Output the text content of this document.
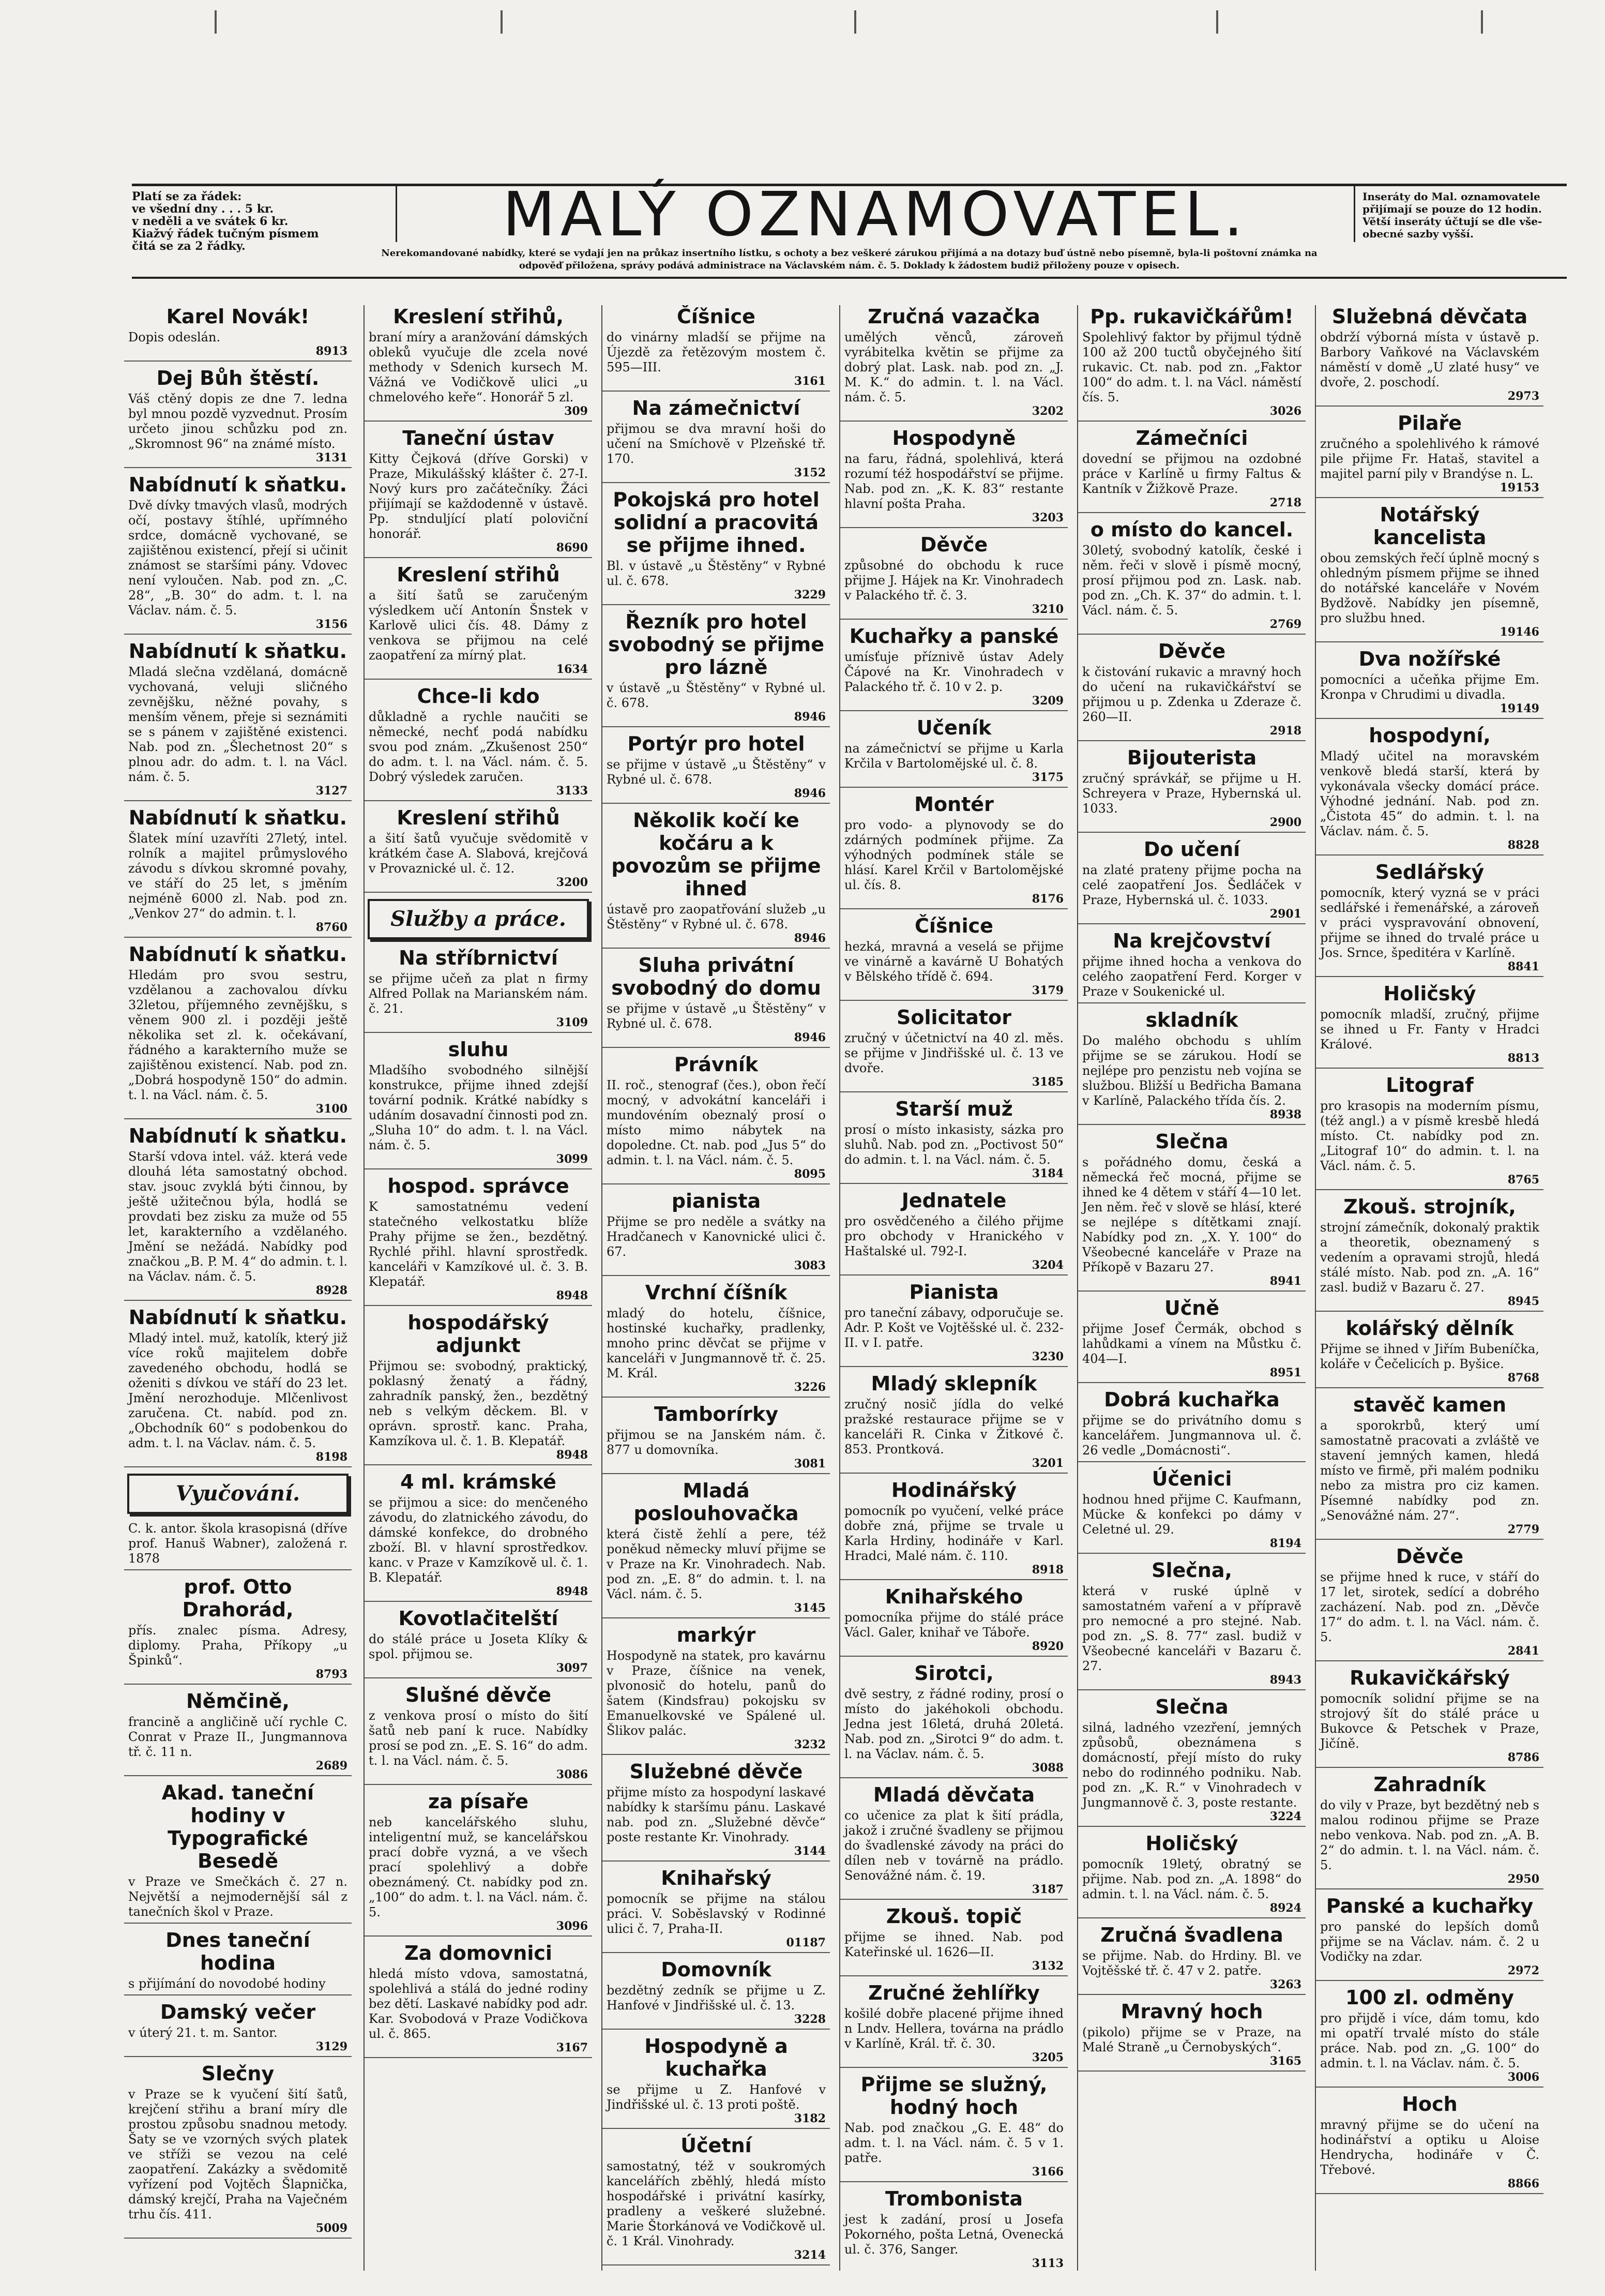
Platí se za řádek:
ve všední dny . . . 5 kr.
v neděli a ve svátek 6 kr.
Kiažvý řádek tučným písmem
čitá se za 2 řádky.	MALÝ OZNAMOVATEL.	Inseráty do Mal. oznamovatele
přijímají se pouze do 12 hodin.
Větší inseráty účtují se dle vše-
obecné sazby vyšší.
Nerekomandované nabídky, které se vydají jen na průkaz insertního lístku, s ochoty a bez veškeré zárukou přijímá a na dotazy buď ústně nebo písemně, byla-li poštovní známka na
odpověď přiložena, správy podává administrace na Václavském nám. č. 5. Doklady k žádostem budiž přiloženy pouze v opisech.
Karel Novák!

Dopis odeslán.

8913
Dej Bůh štěstí.

Váš ctěný dopis ze dne 7. ledna byl mnou pozdě vyzvednut. Prosím určeto jinou schůzku pod zn. „Skromnost 96“ na známé místo.

3131
Nabídnutí k sňatku.

Dvě dívky tmavých vlasů, modrých očí, postavy štíhlé, upřímného srdce, domácně vychované, se zajištěnou existencí, přejí si učinit známost se staršími pány. Vdovec není vyloučen. Nab. pod zn. „C. 28“, „B. 30“ do adm. t. l. na Václav. nám. č. 5.

3156
Nabídnutí k sňatku.

Mladá slečna vzdělaná, domácně vychovaná, veluji sličného zevnějšku, něžné povahy, s menším věnem, přeje si seznámiti se s pánem v zajištěné existenci. Nab. pod zn. „Šlechetnost 20“ s plnou adr. do adm. t. l. na Václ. nám. č. 5.

3127
Nabídnutí k sňatku.

Šlatek míní uzavříti 27letý, intel. rolník a majitel průmyslového závodu s dívkou skromné povahy, ve stáří do 25 let, s jměním nejméně 6000 zl. Nab. pod zn. „Venkov 27“ do admin. t. l.

8760
Nabídnutí k sňatku.

Hledám pro svou sestru, vzdělanou a zachovalou dívku 32letou, příjemného zevnějšku, s věnem 900 zl. i později ještě několika set zl. k. očekávaní, řádného a karakterního muže se zajištěnou existencí. Nab. pod zn. „Dobrá hospodyně 150“ do admin. t. l. na Václ. nám. č. 5.

3100
Nabídnutí k sňatku.

Starší vdova intel. váž. která vede dlouhá léta samostatný obchod. stav. jsouc zvyklá býti činnou, by ještě užitečnou býla, hodlá se provdati bez zisku za muže od 55 let, karakterního a vzdělaného. Jmění se nežádá. Nabídky pod značkou „B. P. M. 4“ do admin. t. l. na Václav. nám. č. 5.

8928
Nabídnutí k sňatku.

Mladý intel. muž, katolík, který již více roků majitelem dobře zavedeného obchodu, hodlá se oženiti s dívkou ve stáří do 23 let. Jmění nerozhoduje. Mlčenlivost zaručena. Ct. nabíd. pod zn. „Obchodník 60“ s podobenkou do adm. t. l. na Václav. nám. č. 5.

8198
Vyučování.

C. k. antor. škola krasopisná (dříve prof. Hanuš Wabner), založená r. 1878

prof. Otto Drahorád,

přís. znalec písma. Adresy, diplomy. Praha, Příkopy „u Špinků“.

8793
Němčině,

francině a angličině učí rychle C. Conrat v Praze II., Jungmannova tř. č. 11 n.

2689
Akad. taneční hodiny v Typografické Besedě

v Praze ve Smečkách č. 27 n. Největší a nejmodernější sál z tanečních škol v Praze.

Dnes taneční hodina

s přijímání do novodobé hodiny

Damský večer

v úterý 21. t. m. Santor.

3129
Slečny

v Praze se k vyučení šití šatů, krejčení střihu a braní míry dle prostou způsobu snadnou metody. Šaty se ve vzorných svých platek ve stříži se vezou na celé zaopatření. Zakázky a svědomitě vyřízení pod Vojtěch Šlapnička, dámský krejčí, Praha na Vaječném trhu čís. 411.

5009
Kreslení střihů,

braní míry a aranžování dámských obleků vyučuje dle zcela nové methody v Sdenich kursech M. Vážná ve Vodičkově ulici „u chmelového keře“. Honorář 5 zl.

309
Taneční ústav

Kitty Čejková (dříve Gorski) v Praze, Mikulášský klášter č. 27-I. Nový kurs pro začátečníky. Žáci přijímají se každodenně v ústavě. Pp. stnduljící platí poloviční honorář.

8690
Kreslení střihů

a šití šatů se zaručeným výsledkem učí Antonín Šnstek v Karlově ulici čís. 48. Dámy z venkova se přijmou na celé zaopatření za mírný plat.

1634
Chce-li kdo

důkladně a rychle naučiti se německé, nechť podá nabídku svou pod znám. „Zkušenost 250“ do adm. t. l. na Václ. nám. č. 5. Dobrý výsledek zaručen.

3133
Kreslení střihů

a šití šatů vyučuje svědomitě v krátkém čase A. Slabová, krejčová v Provaznické ul. č. 12.

3200
Služby a práce.
Na stříbrnictví

se přijme učeň za plat n firmy Alfred Pollak na Marianském nám. č. 21.

3109
sluhu

Mladšího svobodného silnější konstrukce, přijme ihned zdejší tovární podnik. Krátké nabídky s udáním dosavadní činnosti pod zn. „Sluha 10“ do adm. t. l. na Václ. nám. č. 5.

3099
hospod. správce

K samostatnému vedení statečného velkostatku blíže Prahy přijme se žen., bezdětný. Rychlé přihl. hlavní sprostředk. kanceláři v Kamzíkové ul. č. 3. B. Klepatář.

8948
hospodářský adjunkt

Přijmou se: svobodný, praktický, poklasný ženatý a řádný, zahradník panský, žen., bezdětný neb s velkým děckem. Bl. v oprávn. sprostř. kanc. Praha, Kamzíkova ul. č. 1. B. Klepatář.

8948
4 ml. krámské

se přijmou a sice: do menčeného závodu, do zlatnického závodu, do dámské konfekce, do drobného zboží. Bl. v hlavní sprostředkov. kanc. v Praze v Kamzíkově ul. č. 1. B. Klepatář.

8948
Kovotlačitelští

do stálé práce u Joseta Klíky & spol. přijmou se.

3097
Slušné děvče

z venkova prosí o místo do šití šatů neb paní k ruce. Nabídky prosí se pod zn. „E. S. 16“ do adm. t. l. na Václ. nám. č. 5.

3086
za písaře

neb kancelářského sluhu, inteligentní muž, se kancelářskou prací dobře vyzná, a ve všech prací spolehlivý a dobře obeznámený. Ct. nabídky pod zn. „100“ do adm. t. l. na Václ. nám. č. 5.

3096
Za domovnici

hledá místo vdova, samostatná, spolehlivá a stálá do jedné rodiny bez dětí. Laskavé nabídky pod adr. Kar. Svobodová v Praze Vodičkova ul. č. 865.

3167
Číšnice

do vinárny mladší se přijme na Újezdě za řetězovým mostem č. 595—III.

3161
Na zámečnictví

přijmou se dva mravní hoši do učení na Smíchově v Plzeňské tř. 170.

3152
Pokojská pro hotel solidní a pracovitá se přijme ihned.

Bl. v ústavě „u Štěstěny“ v Rybné ul. č. 678.

3229
Řezník pro hotel svobodný se přijme pro lázně

v ústavě „u Štěstěny“ v Rybné ul. č. 678.

8946
Portýr pro hotel

se přijme v ústavě „u Štěstěny“ v Rybné ul. č. 678.

8946
Několik kočí ke kočáru a k povozům se přijme ihned

ústavě pro zaopatřování služeb „u Štěstěny“ v Rybné ul. č. 678.

8946
Sluha privátní svobodný do domu

se přijme v ústavě „u Štěstěny“ v Rybné ul. č. 678.

8946
Právník

II. roč., stenograf (čes.), obon řečí mocný, v advokátní kanceláři i mundovéním obeznalý prosí o místo mimo nábytek na dopoledne. Ct. nab. pod „Jus 5“ do admin. t. l. na Václ. nám. č. 5.

8095
pianista

Přijme se pro neděle a svátky na Hradčanech v Kanovnické ulici č. 67.

3083
Vrchní číšník

mladý do hotelu, číšnice, hostinské kuchařky, pradlenky, mnoho princ děvčat se přijme v kanceláři v Jungmannově tř. č. 25. M. Král.

3226
Tamborírky

přijmou se na Janském nám. č. 877 u domovníka.

3081
Mladá poslouhovačka

která čistě žehlí a pere, též poněkud německy mluví přijme se v Praze na Kr. Vinohradech. Nab. pod zn. „E. 8“ do admin. t. l. na Václ. nám. č. 5.

3145
markýr

Hospodyně na statek, pro kavárnu v Praze, číšnice na venek, plvonosič do hotelu, panů do šatem (Kindsfrau) pokojsku sv Emanuelkovské ve Spálené ul. Šlikov palác.

3232
Služebné děvče

přijme místo za hospodyní laskavé nabídky k staršímu pánu. Laskavé nab. pod zn. „Služebné děvče“ poste restante Kr. Vinohrady.

3144
Knihařský

pomocník se přijme na stálou práci. V. Soběslavský v Rodinné ulici č. 7, Praha-II.

01187
Domovník

bezdětný zedník se přijme u Z. Hanfové v Jindřišské ul. č. 13.

3228
Hospodyně a kuchařka

se přijme u Z. Hanfové v Jindřišské ul. č. 13 proti poště.

3182
Účetní

samostatný, též v soukromých kancelářích zběhlý, hledá místo hospodářské i privátní kasírky, pradleny a veškeré služebné. Marie Štorkánová ve Vodičkově ul. č. 1 Král. Vinohrady.

3214
Zručná vazačka

umělých věnců, zároveň vyrábitelka květin se přijme za dobrý plat. Lask. nab. pod zn. „J. M. K.“ do admin. t. l. na Václ. nám. č. 5.

3202
Hospodyně

na faru, řádná, spolehlivá, která rozumí též hospodářství se přijme. Nab. pod zn. „K. K. 83“ restante hlavní pošta Praha.

3203
Děvče

způsobné do obchodu k ruce přijme J. Hájek na Kr. Vinohradech v Palackého tř. č. 3.

3210
Kuchařky a panské

umísťuje příznivě ústav Adely Čápové na Kr. Vinohradech v Palackého tř. č. 10 v 2. p.

3209
Učeník

na zámečnictví se přijme u Karla Krčila v Bartolomějské ul. č. 8.

3175
Montér

pro vodo- a plynovody se do zdárných podmínek přijme. Za výhodných podmínek stále se hlásí. Karel Krčil v Bartolomějské ul. čís. 8.

8176
Číšnice

hezká, mravná a veselá se přijme ve vinárně a kavárně U Bohatých v Bělského třídě č. 694.

3179
Solicitator

zručný v účetnictví na 40 zl. měs. se přijme v Jindřišské ul. č. 13 ve dvoře.

3185
Starší muž

prosí o místo inkasisty, sázka pro sluhů. Nab. pod zn. „Poctivost 50“ do admin. t. l. na Václ. nám. č. 5.

3184
Jednatele

pro osvědčeného a čilého přijme pro obchody v Hranického v Haštalské ul. 792-I.

3204
Pianista

pro taneční zábavy, odporučuje se. Adr. P. Košt ve Vojtěšské ul. č. 232-II. v I. patře.

3230
Mladý sklepník

zručný nosič jídla do velké pražské restaurace přijme se v kanceláři R. Cinka v Žitkové č. 853. Prontková.

3201
Hodinářský

pomocník po vyučení, velké práce dobře zná, přijme se trvale u Karla Hrdiny, hodináře v Karl. Hradci, Malé nám. č. 110.

8918
Knihařského

pomocníka přijme do stálé práce Václ. Galer, knihař ve Táboře.

8920
Sirotci,

dvě sestry, z řádné rodiny, prosí o místo do jakéhokoli obchodu. Jedna jest 16letá, druhá 20letá. Nab. pod zn. „Sirotci 9“ do adm. t. l. na Václav. nám. č. 5.

3088
Mladá děvčata

co učenice za plat k šití prádla, jakož i zručné švadleny se přijmou do švadlenské závody na práci do dílen neb v továrně na prádlo. Senovážné nám. č. 19.

3187
Zkouš. topič

přijme se ihned. Nab. pod Kateřinské ul. 1626—II.

3132
Zručné žehlířky

košilé dobře placené přijme ihned n Lndv. Hellera, továrna na prádlo v Karlíně, Král. tř. č. 30.

3205
Přijme se služný, hodný hoch

Nab. pod značkou „G. E. 48“ do adm. t. l. na Václ. nám. č. 5 v 1. patře.

3166
Trombonista

jest k zadání, prosí u Josefa Pokorného, pošta Letná, Ovenecká ul. č. 376, Sanger.

3113
Pp. rukavičkářům!

Spolehlivý faktor by přijmul týdně 100 až 200 tuctů obyčejného šití rukavic. Ct. nab. pod zn. „Faktor 100“ do adm. t. l. na Václ. náměstí čís. 5.

3026
Zámečníci

dovední se přijmou na ozdobné práce v Karlíně u firmy Faltus & Kantník v Žižkově Praze.

2718
o místo do kancel.

30letý, svobodný katolík, české i něm. řeči v slově i písmě mocný, prosí přijmou pod zn. Lask. nab. pod zn. „Ch. K. 37“ do admin. t. l. Václ. nám. č. 5.

2769
Děvče

k čistování rukavic a mravný hoch do učení na rukavičkářství se přijmou u p. Zdenka u Zderaze č. 260—II.

2918
Bijouterista

zručný správkář, se přijme u H. Schreyera v Praze, Hybernská ul. 1033.

2900
Do učení

na zlaté prateny přijme pocha na celé zaopatření Jos. Šedláček v Praze, Hybernská ul. č. 1033.

2901
Na krejčovství

přijme ihned hocha a venkova do celého zaopatření Ferd. Korger v Praze v Soukenické ul.

skladník

Do malého obchodu s uhlím přijme se se zárukou. Hodí se nejlépe pro penzistu neb vojína se službou. Bližší u Bedřicha Bamana v Karlíně, Palackého třída čís. 2.

8938
Slečna

s pořádného domu, česká a německá řeč mocná, přijme se ihned ke 4 dětem v stáří 4—10 let. Jen něm. řeč v slově se hlásí, které se nejlépe s dítětkami znají. Nabídky pod zn. „X. Y. 100“ do Všeobecné kanceláře v Praze na Příkopě v Bazaru 27.

8941
Učně

přijme Josef Čermák, obchod s lahůdkami a vínem na Můstku č. 404—I.

8951
Dobrá kuchařka

přijme se do privátního domu s kancelářem. Jungmannova ul. č. 26 vedle „Domácnosti“.

Účenici

hodnou hned přijme C. Kaufmann, Mücke & konfekci po dámy v Celetné ul. 29.

8194
Slečna,

která v ruské úplně v samostatném vaření a v přípravě pro nemocné a pro stejné. Nab. pod zn. „S. 8. 77“ zasl. budiž v Všeobecné kanceláři v Bazaru č. 27.

8943
Slečna

silná, ladného vzezření, jemných způsobů, obeznámena s domácností, přejí místo do ruky nebo do rodinného podniku. Nab. pod zn. „K. R.“ v Vinohradech v Jungmannově č. 3, poste restante.

3224
Holičský

pomocník 19letý, obratný se přijme. Nab. pod zn. „A. 1898“ do admin. t. l. na Václ. nám. č. 5.

8924
Zručná švadlena

se přijme. Nab. do Hrdiny. Bl. ve Vojtěšské tř. č. 47 v 2. patře.

3263
Mravný hoch

(pikolo) přijme se v Praze, na Malé Straně „u Černobyských“.

3165
Služebná děvčata

obdrží výborná místa v ústavě p. Barbory Vaňkové na Václavském náměstí v domě „U zlaté husy“ ve dvoře, 2. poschodí.

2973
Pilaře

zručného a spolehlivého k rámové pile přijme Fr. Hataš, stavitel a majitel parní pily v Brandýse n. L.

19153
Notářský kancelista

obou zemských řečí úplně mocný s ohledným písmem přijme se ihned do notářské kanceláře v Novém Bydžově. Nabídky jen písemně, pro službu hned.

19146
Dva nožířské

pomocníci a učeňka přijme Em. Kronpa v Chrudimi u divadla.

19149
hospodyní,

Mladý učitel na moravském venkově bledá starší, která by vykonávala všecky domácí práce. Výhodné jednání. Nab. pod zn. „Čistota 45“ do admin. t. l. na Václav. nám. č. 5.

8828
Sedlářský

pomocník, který vyzná se v práci sedlářské i řemenářské, a zároveň v práci vyspravování obnovení, přijme se ihned do trvalé práce u Jos. Srnce, špeditéra v Karlíně.

8841
Holičský

pomocník mladší, zručný, přijme se ihned u Fr. Fanty v Hradci Králové.

8813
Litograf

pro krasopis na moderním písmu, (též angl.) a v písmě kresbě hledá místo. Ct. nabídky pod zn. „Litograf 10“ do admin. t. l. na Václ. nám. č. 5.

8765
Zkouš. strojník,

strojní zámečník, dokonalý praktik a theoretik, obeznamený s vedením a opravami strojů, hledá stálé místo. Nab. pod zn. „A. 16“ zasl. budiž v Bazaru č. 27.

8945
kolářský dělník

Přijme se ihned v Jiřím Bubeníčka, koláře v Čečelicích p. Byšice.

8768
stavěč kamen

a sporokrbů, který umí samostatně pracovati a zvláště ve stavení jemných kamen, hledá místo ve firmě, při malém podniku nebo za mistra pro ciz kamen. Písemné nabídky pod zn. „Senovážné nám. 27“.

2779
Děvče

se přijme hned k ruce, v stáří do 17 let, sirotek, sedící a dobrého zacházení. Nab. pod zn. „Děvče 17“ do adm. t. l. na Václ. nám. č. 5.

2841
Rukavičkářský

pomocník solidní přijme se na strojový šít do stálé práce u Bukovce & Petschek v Praze, Jičíně.

8786
Zahradník

do vily v Praze, byt bezdětný neb s malou rodinou přijme se Praze nebo venkova. Nab. pod zn. „A. B. 2“ do admin. t. l. na Václ. nám. č. 5.

2950
Panské a kuchařky

pro panské do lepších domů přijme se na Václav. nám. č. 2 u Vodičky na zdar.

2972
100 zl. odměny

pro přijdě i více, dám tomu, kdo mi opatří trvalé místo do stále práce. Nab. pod zn. „G. 100“ do admin. t. l. na Václav. nám. č. 5.

3006
Hoch

mravný přijme se do učení na hodinářství a optiku u Aloise Hendrycha, hodináře v Č. Třebové.

8866
